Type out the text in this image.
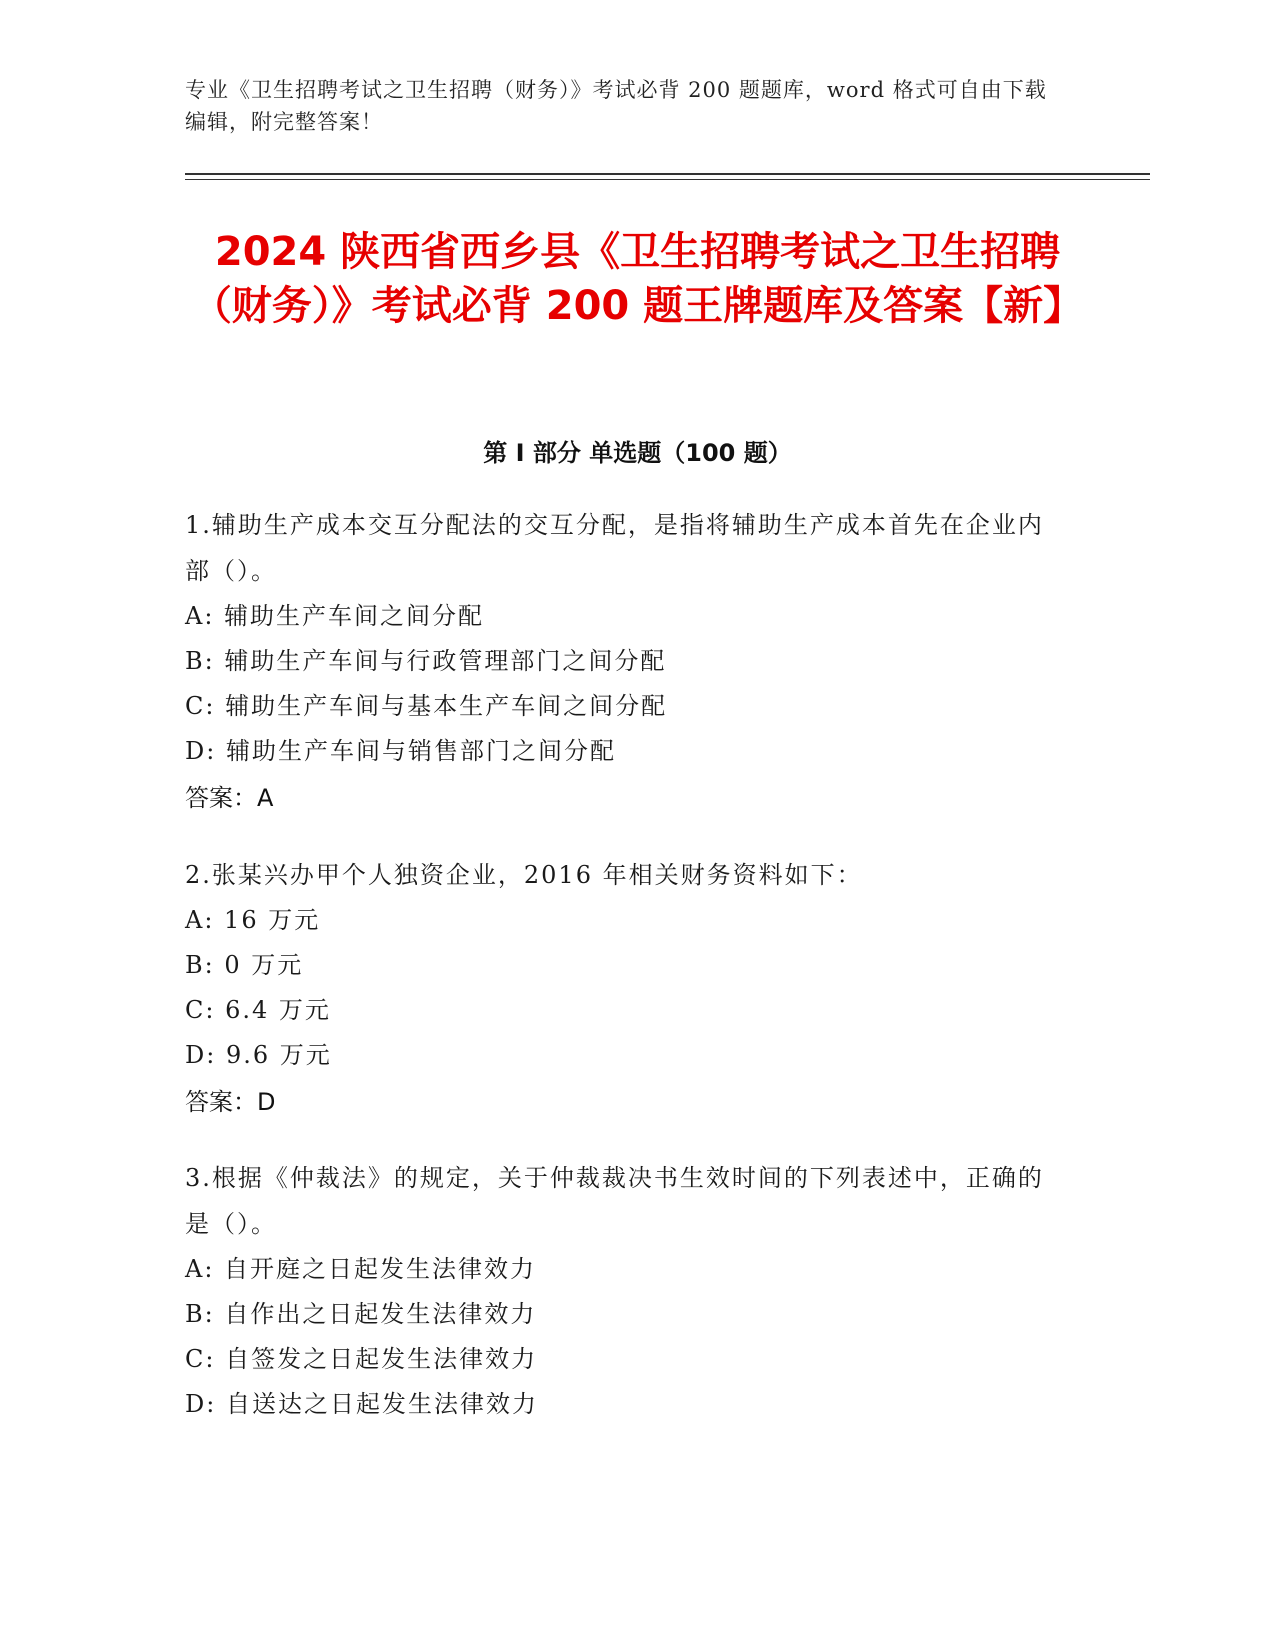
专业《卫生招聘考试之卫生招聘（财务）》考试必背 200 题题库，word 格式可自由下载编辑，附完整答案！
2024 陕西省西乡县《卫生招聘考试之卫生招聘（财务）》考试必背 200 题王牌题库及答案【新】
第 I 部分 单选题（100 题）

1.辅助生产成本交互分配法的交互分配，是指将辅助生产成本首先在企业内部（）。

A: 辅助生产车间之间分配

B: 辅助生产车间与行政管理部门之间分配

C: 辅助生产车间与基本生产车间之间分配

D: 辅助生产车间与销售部门之间分配

答案：A

2.张某兴办甲个人独资企业，2016 年相关财务资料如下：

A: 16 万元

B: 0 万元

C: 6.4 万元

D: 9.6 万元

答案：D

3.根据《仲裁法》的规定，关于仲裁裁决书生效时间的下列表述中，正确的是（）。

A: 自开庭之日起发生法律效力

B: 自作出之日起发生法律效力

C: 自签发之日起发生法律效力

D: 自送达之日起发生法律效力
